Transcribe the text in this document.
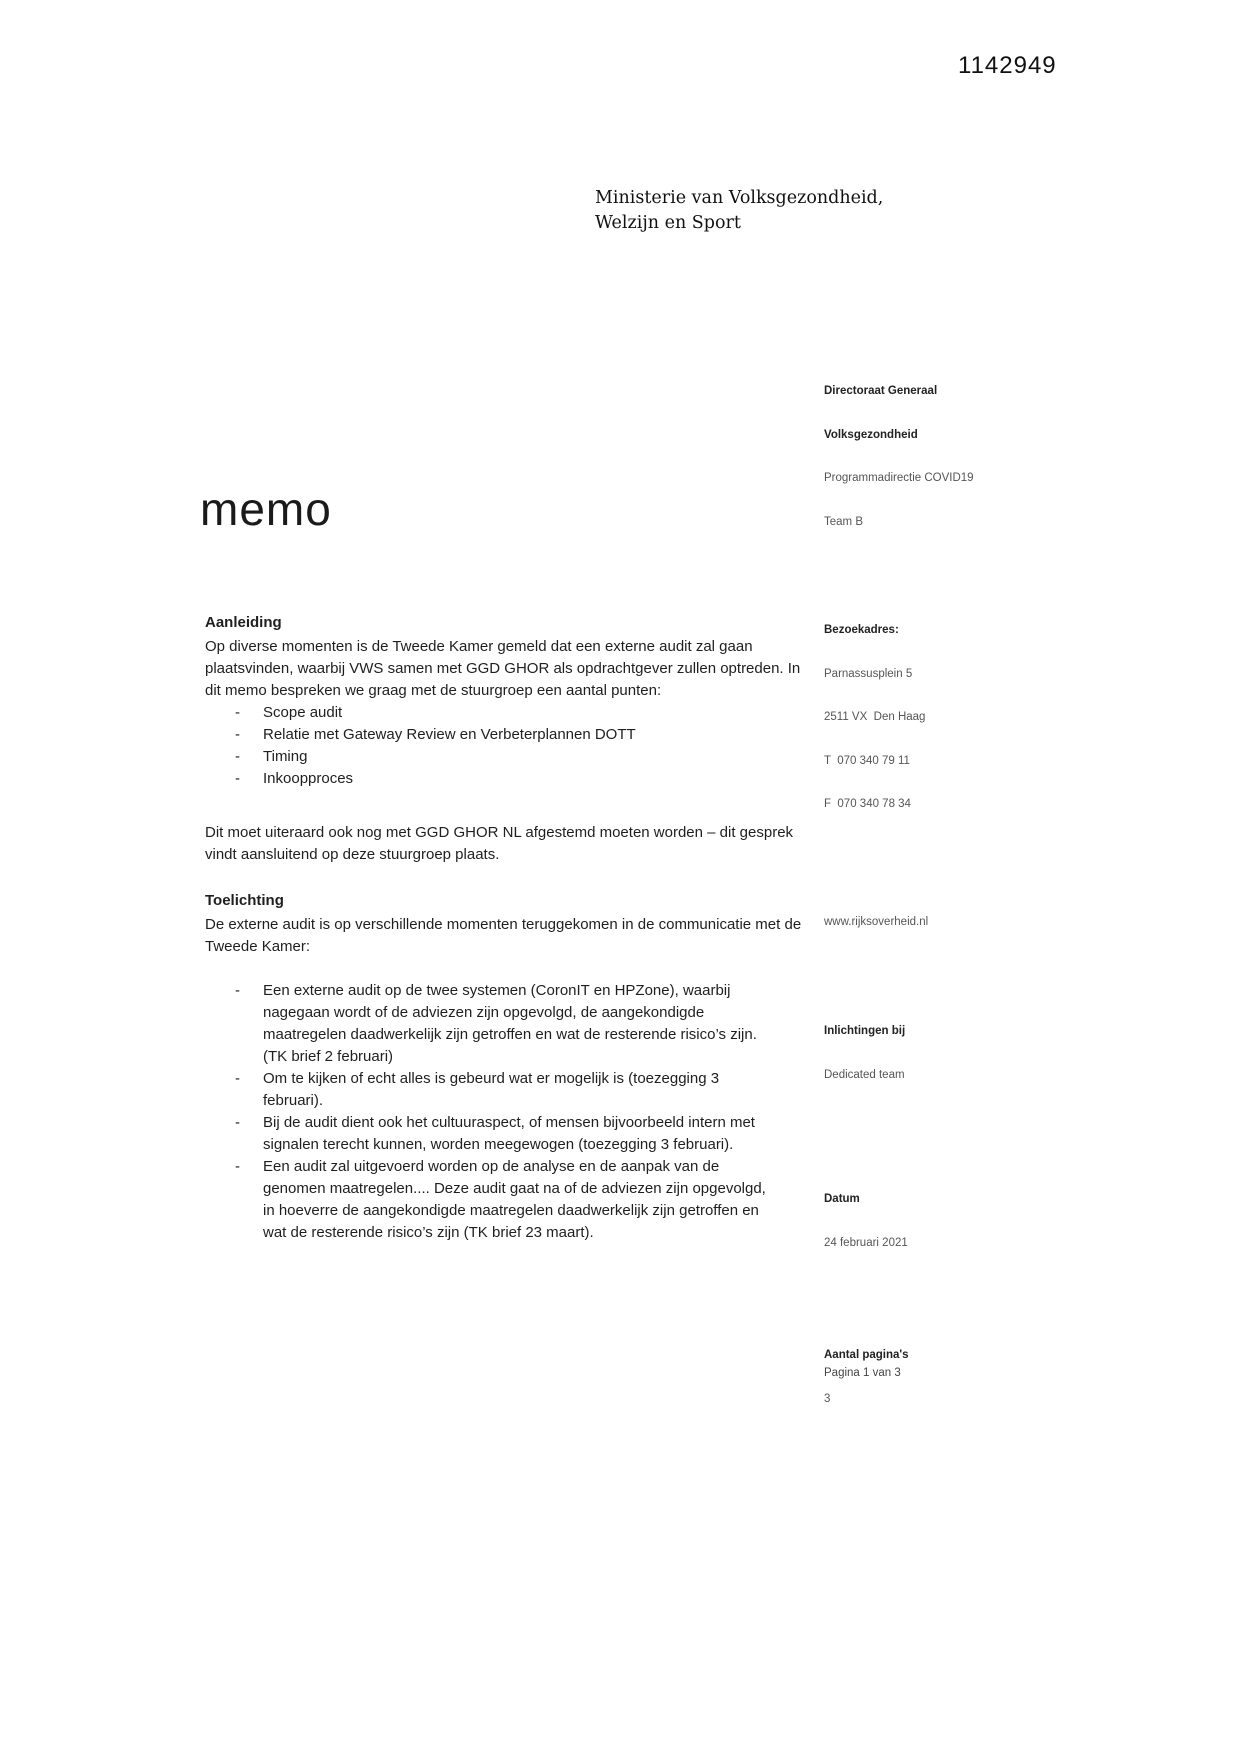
1142949
Ministerie van Volksgezondheid,
Welzijn en Sport

Directoraat Generaal

Volksgezondheid

Programmadirectie COVID19

Team B

Bezoekadres:

Parnassusplein 5

2511 VX  Den Haag

T  070 340 79 11

F  070 340 78 34

www.rijksoverheid.nl

Inlichtingen bij

Dedicated team

Datum

24 februari 2021

Aantal pagina's

3

memo
Aanleiding

Op diverse momenten is de Tweede Kamer gemeld dat een externe audit zal gaan plaatsvinden, waarbij VWS samen met GGD GHOR als opdrachtgever zullen optreden. In dit memo bespreken we graag met de stuurgroep een aantal punten:

-	Scope audit
-	Relatie met Gateway Review en Verbeterplannen DOTT
-	Timing
-	Inkoopproces

Dit moet uiteraard ook nog met GGD GHOR NL afgestemd moeten worden – dit gesprek vindt aansluitend op deze stuurgroep plaats.

Toelichting

De externe audit is op verschillende momenten teruggekomen in de communicatie met de Tweede Kamer:

-	Een externe audit op de twee systemen (CoronIT en HPZone), waarbij nagegaan wordt of de adviezen zijn opgevolgd, de aangekondigde maatregelen daadwerkelijk zijn getroffen en wat de resterende risico’s zijn. (TK brief 2 februari)
-	Om te kijken of echt alles is gebeurd wat er mogelijk is (toezegging 3 februari).
-	Bij de audit dient ook het cultuuraspect, of mensen bijvoorbeeld intern met signalen terecht kunnen, worden meegewogen (toezegging 3 februari).
-	Een audit zal uitgevoerd worden op de analyse en de aanpak van de genomen maatregelen.... Deze audit gaat na of de adviezen zijn opgevolgd, in hoeverre de aangekondigde maatregelen daadwerkelijk zijn getroffen en wat de resterende risico’s zijn (TK brief 23 maart).
Pagina 1 van 3
